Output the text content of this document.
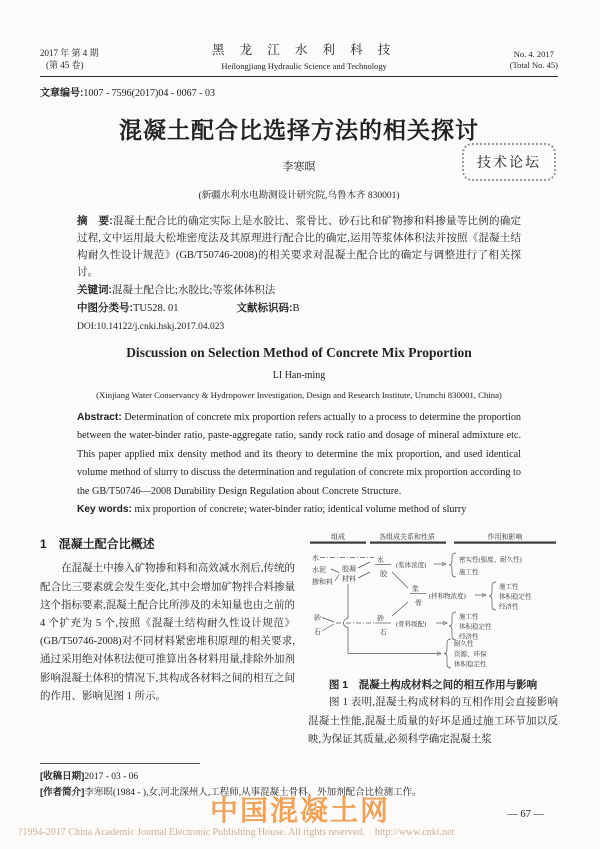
2017 年 第 4 期
(第 45 卷)
黑 龙 江 水 利 科 技
Heilongjiang Hydraulic Science and Technology
No. 4. 2017
(Total No. 45)
文章编号:1007 - 7596(2017)04 - 0067 - 03
混凝土配合比选择方法的相关探讨
李寒暝	技术论坛
(新疆水利水电勘测设计研究院,乌鲁木齐 830001)
摘　要:混凝土配合比的确定实际上是水胶比、浆骨比、砂石比和矿物掺和料掺量等比例的确定过程,文中运用最大松堆密度法及其原理进行配合比的确定,运用等浆体体积法并按照《混凝土结构耐久性设计规范》(GB/T50746-2008)的相关要求对混凝土配合比的确定与调整进行了相关探讨。
关键词:混凝土配合比;水胶比;等浆体体积法
中图分类号:TU528. 01	文献标识码:B
DOI:10.14122/j.cnki.hskj.2017.04.023
Discussion on Selection Method of Concrete Mix Proportion
LI Han-ming
(Xinjiang Water Conservancy & Hydropower Investigation, Design and Research Institute, Urumchi 830001, China)
Abstract: Determination of concrete mix proportion refers actually to a process to determine the proportion between the water-binder ratio, paste-aggregate ratio, sandy rock ratio and dosage of mineral admixture etc. This paper applied mix density method and its theory to determine the mix proportion, and used identical volume method of slurry to discuss the determination and regulation of concrete mix proportion according to the GB/T50746—2008 Durability Design Regulation about Concrete Structure.
Key words: mix proportion of concrete; water-binder ratio; identical volume method of slurry
1　混凝土配合比概述
在混凝土中掺入矿物掺和料和高效减水剂后,传统的配合比三要素就会发生变化,其中会增加矿物拌合料掺量这个指标要素,混凝土配合比所涉及的未知量也由之前的 4 个扩充为 5 个,按照《混凝土结构耐久性设计规范》(GB/T50746-2008)对不同材料紧密堆积原理的相关要求,通过采用绝对体积法便可推算出各材料用量,排除外加剂影响混凝土体积的情况下,其构成各材料之间的相互之间的作用、影响见图 1 所示。
组成	各组成关系和性质	作用和影响
水
水泥
掺和料
胶凝
材料
水
胶
(浆体浓度)
密实性(强度、耐久性)
施工性
浆
骨
(拌和物浓度)
施工性
体积稳定性
经济性
砂
石
砂
石
(骨料级配)
施工性
体积稳定性
经济性
耐久性
资源、环保
体积稳定性
图 1　混凝土构成材料之间的相互作用与影响
图 1 表明,混凝土构成材料的互相作用会直接影响混凝土性能,混凝土质量的好坏是通过施工环节加以反映,为保证其质量,必须科学确定混凝土浆
[收稿日期]2017 - 03 - 06
[作者简介]李寒暝(1984 - ),女,河北深州人,工程师,从事混凝土骨料、外加剂配合比检测工作。
— 67 —
中国混凝土网
?1994-2017 China Academic Journal Electronic Publishing House. All rights reserved.　http://www.cnki.net
